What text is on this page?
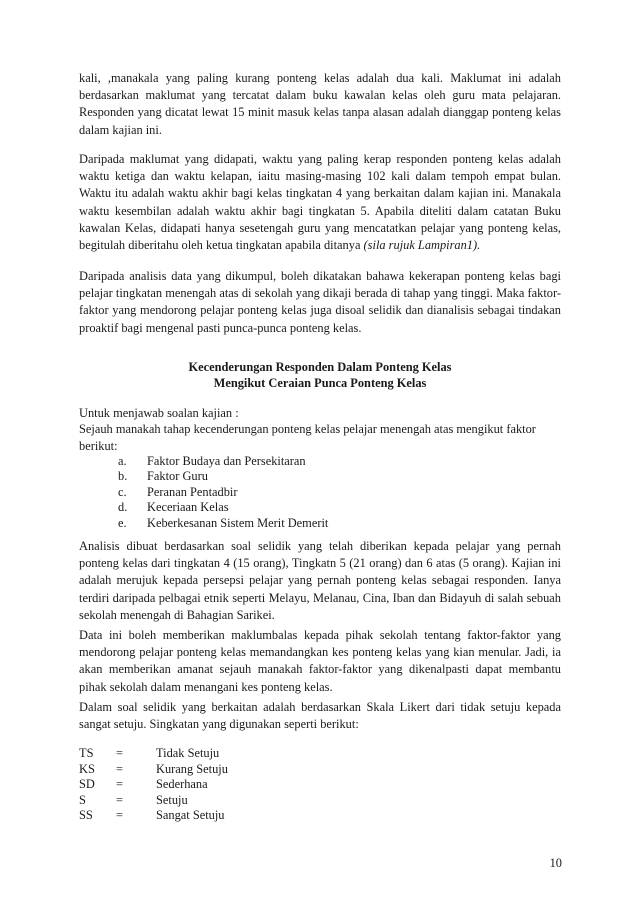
kali, ,manakala yang paling kurang ponteng kelas adalah dua kali. Maklumat ini adalah berdasarkan maklumat yang tercatat dalam buku kawalan kelas oleh guru mata pelajaran. Responden yang dicatat lewat 15 minit masuk kelas tanpa alasan adalah dianggap ponteng kelas dalam kajian ini.

Daripada maklumat yang didapati, waktu yang paling kerap responden ponteng kelas adalah waktu ketiga dan waktu kelapan, iaitu masing-masing 102 kali dalam tempoh empat bulan. Waktu itu adalah waktu akhir bagi kelas tingkatan 4 yang berkaitan dalam kajian ini. Manakala waktu kesembilan adalah waktu akhir bagi tingkatan 5. Apabila diteliti dalam catatan Buku kawalan Kelas, didapati hanya sesetengah guru yang mencatatkan pelajar yang ponteng kelas, begitulah diberitahu oleh ketua tingkatan apabila ditanya (sila rujuk Lampiran1).

Daripada analisis data yang dikumpul, boleh dikatakan bahawa kekerapan ponteng kelas bagi pelajar tingkatan menengah atas di sekolah yang dikaji berada di tahap yang tinggi. Maka faktor-faktor yang mendorong pelajar ponteng kelas juga disoal selidik dan dianalisis sebagai tindakan proaktif bagi mengenal pasti punca-punca ponteng kelas.

Kecenderungan Responden Dalam Ponteng Kelas

Mengikut Ceraian Punca Ponteng Kelas

Untuk menjawab soalan kajian :

Sejauh manakah tahap kecenderungan ponteng kelas pelajar menengah atas mengikut faktor berikut:

a. Faktor Budaya dan Persekitaran
b. Faktor Guru
c. Peranan Pentadbir
d. Keceriaan Kelas
e. Keberkesanan Sistem Merit Demerit

Analisis dibuat berdasarkan soal selidik yang telah diberikan kepada pelajar yang pernah ponteng kelas dari tingkatan 4 (15 orang), Tingkatn 5 (21 orang) dan 6 atas (5 orang). Kajian ini adalah merujuk kepada persepsi pelajar yang pernah ponteng kelas sebagai responden. Ianya terdiri daripada pelbagai etnik seperti Melayu, Melanau, Cina, Iban dan Bidayuh di salah sebuah sekolah menengah di Bahagian Sarikei.

Data ini boleh memberikan maklumbalas kepada pihak sekolah tentang faktor-faktor yang mendorong pelajar ponteng kelas memandangkan kes ponteng kelas yang kian menular. Jadi, ia akan memberikan amanat sejauh manakah faktor-faktor yang dikenalpasti dapat membantu pihak sekolah dalam menangani kes ponteng kelas.

Dalam soal selidik yang berkaitan adalah berdasarkan Skala Likert dari tidak setuju kepada sangat setuju. Singkatan yang digunakan seperti berikut:

TS =	Tidak Setuju
KS =	Kurang Setuju
SD =	Sederhana
S =	Setuju
SS =	Sangat Setuju
10
